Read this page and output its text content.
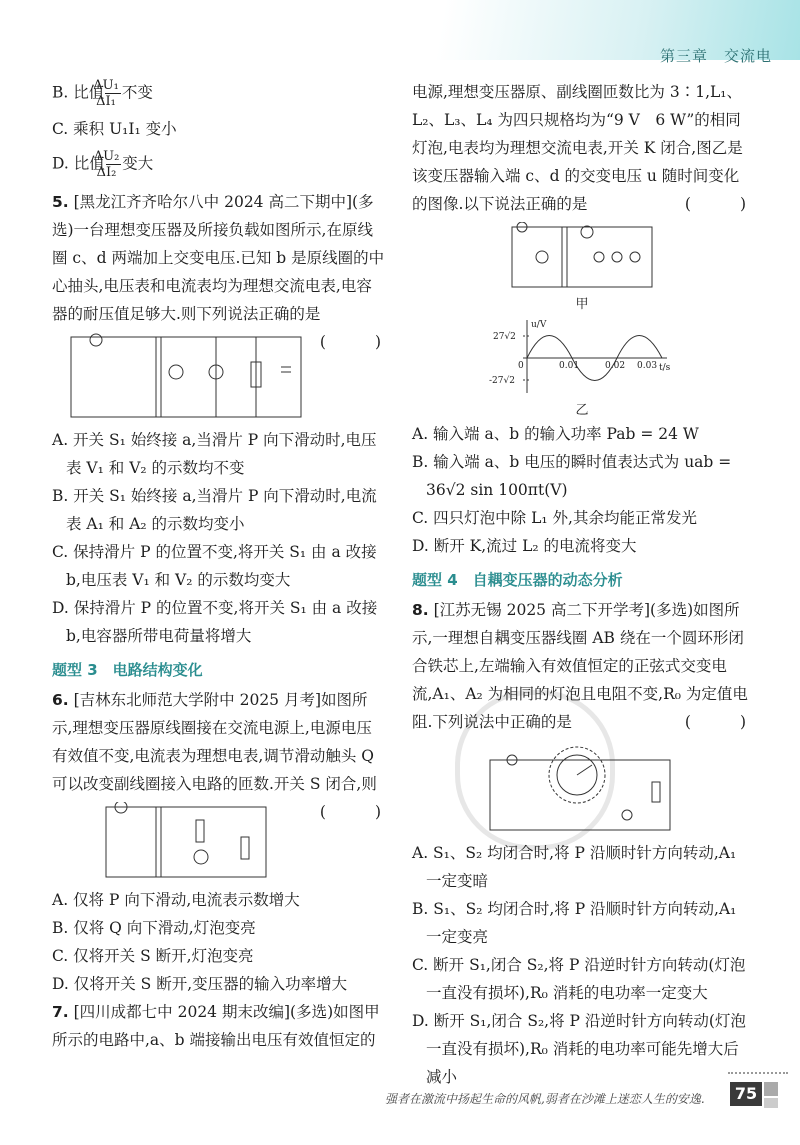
第三章　交流电

B. 比值 $\frac{\text{ΔU₁}}{\text{ΔI₁}}$ 不变

C. 乘积 U₁I₁ 变小

D. 比值 $\frac{\text{ΔU₂}}{\text{ΔI₂}}$ 变大

5. [黑龙江齐齐哈尔八中 2024 高二下期中](多选)一台理想变压器及所接负载如图所示,在原线圈 c、d 两端加上交变电压.已知 b 是原线圈的中心抽头,电压表和电流表均为理想交流电表,电容器的耐压值足够大.则下列说法正确的是
(　　)

A. 开关 S₁ 始终接 a,当滑片 P 向下滑动时,电压表 V₁ 和 V₂ 的示数均不变

B. 开关 S₁ 始终接 a,当滑片 P 向下滑动时,电流表 A₁ 和 A₂ 的示数均变小

C. 保持滑片 P 的位置不变,将开关 S₁ 由 a 改接 b,电压表 V₁ 和 V₂ 的示数均变大

D. 保持滑片 P 的位置不变,将开关 S₁ 由 a 改接 b,电容器所带电荷量将增大

题型 3　电路结构变化

6. [吉林东北师范大学附中 2025 月考]如图所示,理想变压器原线圈接在交流电源上,电源电压有效值不变,电流表为理想电表,调节滑动触头 Q 可以改变副线圈接入电路的匝数.开关 S 闭合,则
(　　)

A. 仅将 P 向下滑动,电流表示数增大

B. 仅将 Q 向下滑动,灯泡变亮

C. 仅将开关 S 断开,灯泡变亮

D. 仅将开关 S 断开,变压器的输入功率增大

7. [四川成都七中 2024 期末改编](多选)如图甲所示的电路中,a、b 端接输出电压有效值恒定的

电源,理想变压器原、副线圈匝数比为 3∶1,L₁、L₂、L₃、L₄ 为四只规格均为“9 V　6 W”的相同灯泡,电表均为理想交流电表,开关 K 闭合,图乙是该变压器输入端 c、d 的交变电压 u 随时间变化的图像.以下说法正确的是	(　　)

甲

u/V
27√2
-27√2
0	0.01	0.02 0.03 t/s

乙

A. 输入端 a、b 的输入功率 Pab = 24 W

B. 输入端 a、b 电压的瞬时值表达式为 uab = 36√2 sin 100πt(V)

C. 四只灯泡中除 L₁ 外,其余均能正常发光

D. 断开 K,流过 L₂ 的电流将变大

题型 4　自耦变压器的动态分析

8. [江苏无锡 2025 高二下开学考](多选)如图所示,一理想自耦变压器线圈 AB 绕在一个圆环形闭合铁芯上,左端输入有效值恒定的正弦式交变电流,A₁、A₂ 为相同的灯泡且电阻不变,R₀ 为定值电阻.下列说法中正确的是	(　　)

A. S₁、S₂ 均闭合时,将 P 沿顺时针方向转动,A₁ 一定变暗

B. S₁、S₂ 均闭合时,将 P 沿顺时针方向转动,A₁ 一定变亮

C. 断开 S₁,闭合 S₂,将 P 沿逆时针方向转动(灯泡一直没有损坏),R₀ 消耗的电功率一定变大

D. 断开 S₁,闭合 S₂,将 P 沿逆时针方向转动(灯泡一直没有损坏),R₀ 消耗的电功率可能先增大后减小

强者在激流中扬起生命的风帆,弱者在沙滩上迷恋人生的安逸.	75
